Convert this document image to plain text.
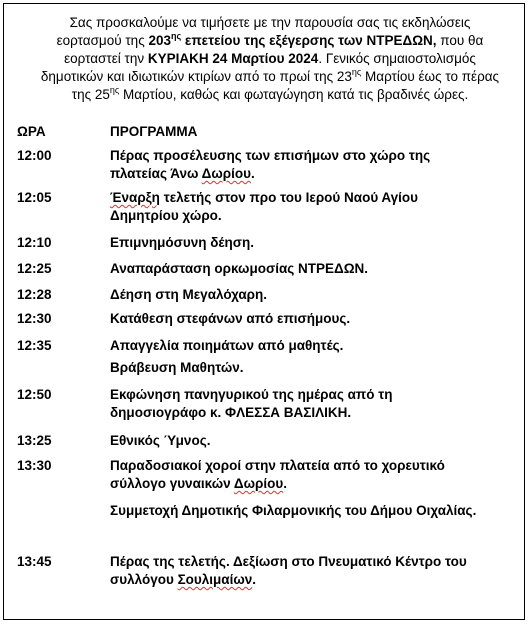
Σας προσκαλούμε να τιμήσετε με την παρουσία σας τις εκδηλώσεις
εορτασμού της $203^{\eta\varsigma}$ επετείου της εξέγερσης των ΝΤΡΕΔΩΝ, που θα
εορταστεί την ΚΥΡΙΑΚΗ 24 Μαρτίου 2024. Γενικός σημαιοστολισμός
δημοτικών και ιδιωτικών κτιρίων από το πρωί της $23^{\eta\varsigma}$ Μαρτίου έως το πέρας
της $25^{\eta\varsigma}$ Μαρτίου, καθώς και φωταγώγηση κατά τις βραδινές ώρες.
ΩΡΑ	ΠΡΟΓΡΑΜΜΑ
12:00	Πέρας προσέλευσης των επισήμων στο χώρο της
πλατείας Άνω Δωρίου.
12:05	Έναρξη τελετής στον προ του Ιερού Ναού Αγίου
Δημητρίου χώρο.
12:10	Επιμνημόσυνη δέηση.
12:25	Αναπαράσταση ορκωμοσίας ΝΤΡΕΔΩΝ.
12:28	Δέηση στη Μεγαλόχαρη.
12:30	Κατάθεση στεφάνων από επισήμους.
12:35	Απαγγελία ποιημάτων από μαθητές.
Βράβευση Μαθητών.
12:50	Εκφώνηση πανηγυρικού της ημέρας από τη
δημοσιογράφο κ. ΦΛΕΣΣΑ ΒΑΣΙΛΙΚΗ.
13:25	Εθνικός Ύμνος.
13:30	Παραδοσιακοί χοροί στην πλατεία από το χορευτικό
σύλλογο γυναικών Δωρίου.
Συμμετοχή Δημοτικής Φιλαρμονικής του Δήμου Οιχαλίας.
13:45	Πέρας της τελετής. Δεξίωση στο Πνευματικό Κέντρο του
συλλόγου Σουλιμαίων.
